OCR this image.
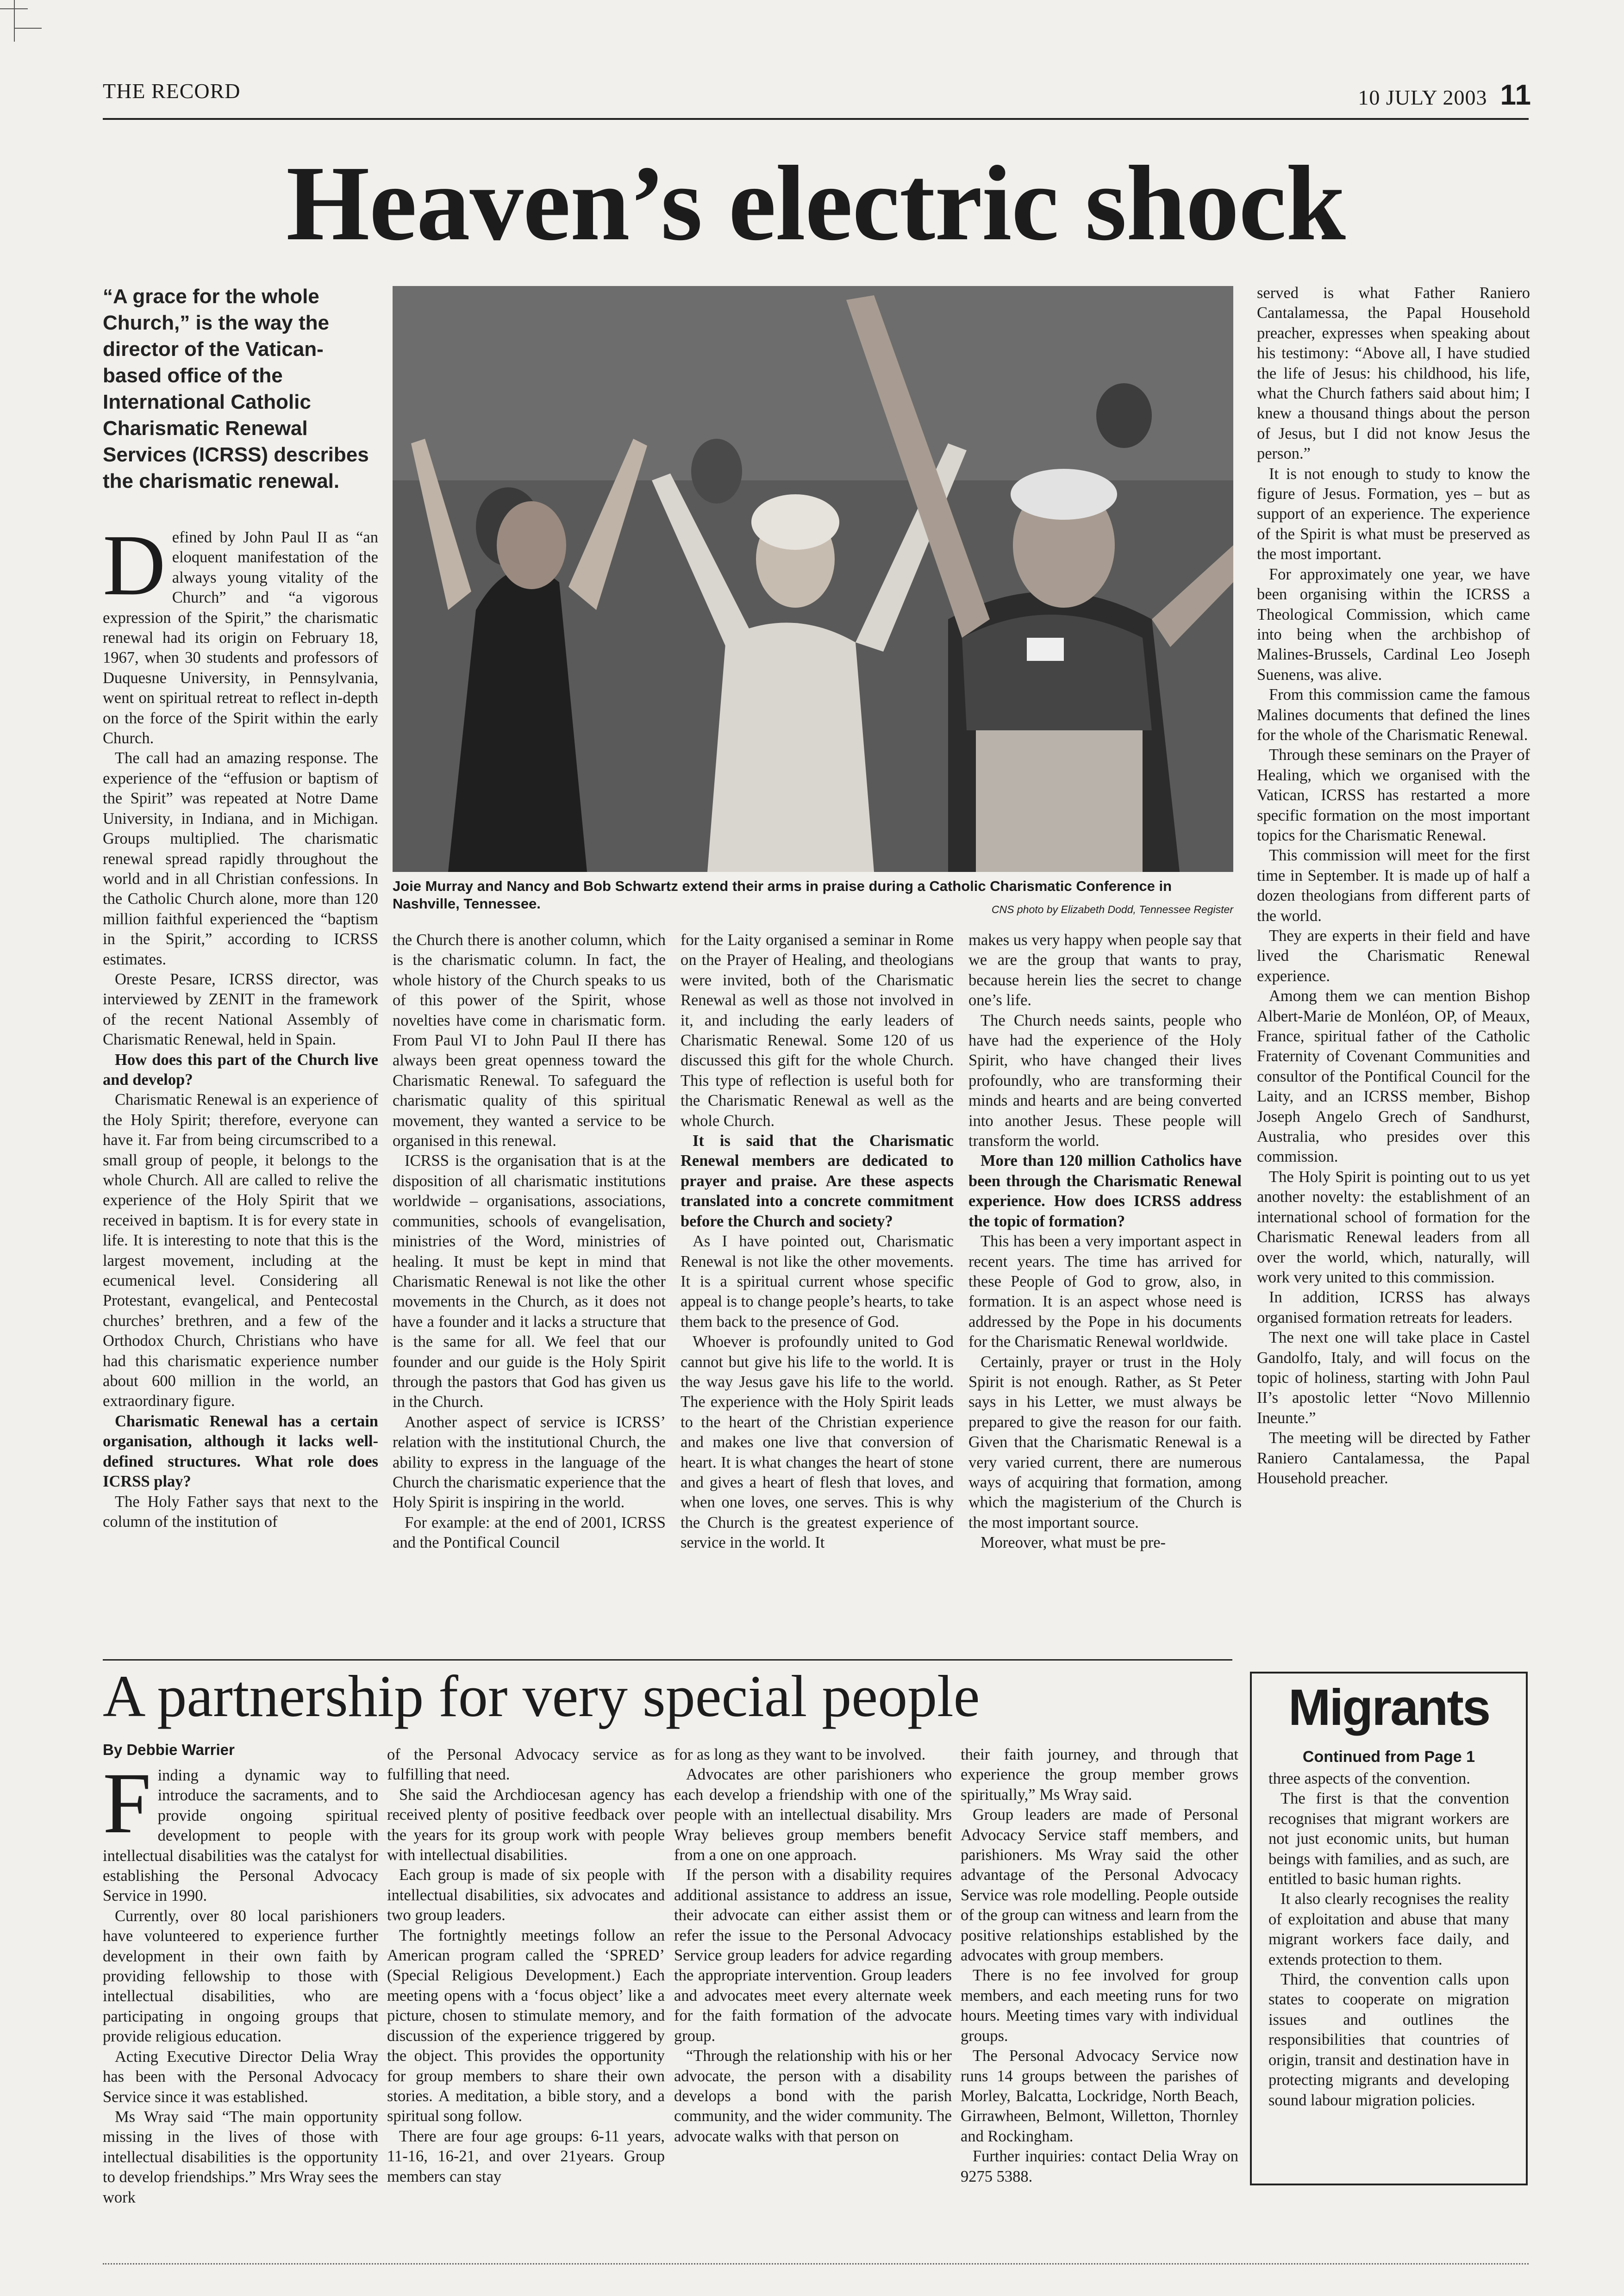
THE RECORD	10 JULY 2003 11
Heaven’s electric shock
“A grace for the whole Church,” is the way the director of the Vatican-based office of the International Catholic Charismatic Renewal Services (ICRSS) describes the charismatic renewal.

Defined by John Paul II as “an eloquent manifestation of the always young vitality of the Church” and “a vigorous expression of the Spirit,” the charismatic renewal had its origin on February 18, 1967, when 30 students and professors of Duquesne University, in Pennsylvania, went on spiritual retreat to reflect in-depth on the force of the Spirit within the early Church.

The call had an amazing response. The experience of the “effusion or baptism of the Spirit” was repeated at Notre Dame University, in Indiana, and in Michigan. Groups multiplied. The charismatic renewal spread rapidly throughout the world and in all Christian confessions. In the Catholic Church alone, more than 120 million faithful experienced the “baptism in the Spirit,” according to ICRSS estimates.

Oreste Pesare, ICRSS director, was interviewed by ZENIT in the framework of the recent National Assembly of Charismatic Renewal, held in Spain.

How does this part of the Church live and develop?

Charismatic Renewal is an experience of the Holy Spirit; therefore, everyone can have it. Far from being circumscribed to a small group of people, it belongs to the whole Church. All are called to relive the experience of the Holy Spirit that we received in baptism. It is for every state in life. It is interesting to note that this is the largest movement, including at the ecumenical level. Considering all Protestant, evangelical, and Pentecostal churches’ brethren, and a few of the Orthodox Church, Christians who have had this charismatic experience number about 600 million in the world, an extraordinary figure.

Charismatic Renewal has a certain organisation, although it lacks well-defined structures. What role does ICRSS play?

The Holy Father says that next to the column of the institution of

Joie Murray and Nancy and Bob Schwartz extend their arms in praise during a Catholic Charismatic Conference in Nashville, Tennessee.	CNS photo by Elizabeth Dodd, Tennessee Register

the Church there is another column, which is the charismatic column. In fact, the whole history of the Church speaks to us of this power of the Spirit, whose novelties have come in charismatic form. From Paul VI to John Paul II there has always been great openness toward the Charismatic Renewal. To safeguard the charismatic quality of this spiritual movement, they wanted a service to be organised in this renewal.

ICRSS is the organisation that is at the disposition of all charismatic institutions worldwide – organisations, associations, communities, schools of evangelisation, ministries of the Word, ministries of healing. It must be kept in mind that Charismatic Renewal is not like the other movements in the Church, as it does not have a founder and it lacks a structure that is the same for all. We feel that our founder and our guide is the Holy Spirit through the pastors that God has given us in the Church.

Another aspect of service is ICRSS’ relation with the institutional Church, the ability to express in the language of the Church the charismatic experience that the Holy Spirit is inspiring in the world.

For example: at the end of 2001, ICRSS and the Pontifical Council

for the Laity organised a seminar in Rome on the Prayer of Healing, and theologians were invited, both of the Charismatic Renewal as well as those not involved in it, and including the early leaders of Charismatic Renewal. Some 120 of us discussed this gift for the whole Church. This type of reflection is useful both for the Charismatic Renewal as well as the whole Church.

It is said that the Charismatic Renewal members are dedicated to prayer and praise. Are these aspects translated into a concrete commitment before the Church and society?

As I have pointed out, Charismatic Renewal is not like the other movements. It is a spiritual current whose specific appeal is to change people’s hearts, to take them back to the presence of God.

Whoever is profoundly united to God cannot but give his life to the world. It is the way Jesus gave his life to the world. The experience with the Holy Spirit leads to the heart of the Christian experience and makes one live that conversion of heart. It is what changes the heart of stone and gives a heart of flesh that loves, and when one loves, one serves. This is why the Church is the greatest experience of service in the world. It

makes us very happy when people say that we are the group that wants to pray, because herein lies the secret to change one’s life.

The Church needs saints, people who have had the experience of the Holy Spirit, who have changed their lives profoundly, who are transforming their minds and hearts and are being converted into another Jesus. These people will transform the world.

More than 120 million Catholics have been through the Charismatic Renewal experience. How does ICRSS address the topic of formation?

This has been a very important aspect in recent years. The time has arrived for these People of God to grow, also, in formation. It is an aspect whose need is addressed by the Pope in his documents for the Charismatic Renewal worldwide.

Certainly, prayer or trust in the Holy Spirit is not enough. Rather, as St Peter says in his Letter, we must always be prepared to give the reason for our faith. Given that the Charismatic Renewal is a very varied current, there are numerous ways of acquiring that formation, among which the magisterium of the Church is the most important source.

Moreover, what must be pre-

served is what Father Raniero Cantalamessa, the Papal Household preacher, expresses when speaking about his testimony: “Above all, I have studied the life of Jesus: his childhood, his life, what the Church fathers said about him; I knew a thousand things about the person of Jesus, but I did not know Jesus the person.”

It is not enough to study to know the figure of Jesus. Formation, yes – but as support of an experience. The experience of the Spirit is what must be preserved as the most important.

For approximately one year, we have been organising within the ICRSS a Theological Commission, which came into being when the archbishop of Malines-Brussels, Cardinal Leo Joseph Suenens, was alive.

From this commission came the famous Malines documents that defined the lines for the whole of the Charismatic Renewal.

Through these seminars on the Prayer of Healing, which we organised with the Vatican, ICRSS has restarted a more specific formation on the most important topics for the Charismatic Renewal.

This commission will meet for the first time in September. It is made up of half a dozen theologians from different parts of the world.

They are experts in their field and have lived the Charismatic Renewal experience.

Among them we can mention Bishop Albert-Marie de Monléon, OP, of Meaux, France, spiritual father of the Catholic Fraternity of Covenant Communities and consultor of the Pontifical Council for the Laity, and an ICRSS member, Bishop Joseph Angelo Grech of Sandhurst, Australia, who presides over this commission.

The Holy Spirit is pointing out to us yet another novelty: the establishment of an international school of formation for the Charismatic Renewal leaders from all over the world, which, naturally, will work very united to this commission.

In addition, ICRSS has always organised formation retreats for leaders.

The next one will take place in Castel Gandolfo, Italy, and will focus on the topic of holiness, starting with John Paul II’s apostolic letter “Novo Millennio Ineunte.”

The meeting will be directed by Father Raniero Cantalamessa, the Papal Household preacher.

A partnership for very special people
By Debbie Warrier

Finding a dynamic way to introduce the sacraments, and to provide ongoing spiritual development to people with intellectual disabilities was the catalyst for establishing the Personal Advocacy Service in 1990.

Currently, over 80 local parishioners have volunteered to experience further development in their own faith by providing fellowship to those with intellectual disabilities, who are participating in ongoing groups that provide religious education.

Acting Executive Director Delia Wray has been with the Personal Advocacy Service since it was established.

Ms Wray said “The main opportunity missing in the lives of those with intellectual disabilities is the opportunity to develop friendships.” Mrs Wray sees the work

of the Personal Advocacy service as fulfilling that need.

She said the Archdiocesan agency has received plenty of positive feedback over the years for its group work with people with intellectual disabilities.

Each group is made of six people with intellectual disabilities, six advocates and two group leaders.

The fortnightly meetings follow an American program called the ‘SPRED’ (Special Religious Development.) Each meeting opens with a ‘focus object’ like a picture, chosen to stimulate memory, and discussion of the experience triggered by the object. This provides the opportunity for group members to share their own stories. A meditation, a bible story, and a spiritual song follow.

There are four age groups: 6-11 years, 11-16, 16-21, and over 21years. Group members can stay

for as long as they want to be involved.

Advocates are other parishioners who each develop a friendship with one of the people with an intellectual disability. Mrs Wray believes group members benefit from a one on one approach.

If the person with a disability requires additional assistance to address an issue, their advocate can either assist them or refer the issue to the Personal Advocacy Service group leaders for advice regarding the appropriate intervention. Group leaders and advocates meet every alternate week for the faith formation of the advocate group.

“Through the relationship with his or her advocate, the person with a disability develops a bond with the parish community, and the wider community. The advocate walks with that person on

their faith journey, and through that experience the group member grows spiritually,” Ms Wray said.

Group leaders are made of Personal Advocacy Service staff members, and parishioners. Ms Wray said the other advantage of the Personal Advocacy Service was role modelling. People outside of the group can witness and learn from the positive relationships established by the advocates with group members.

There is no fee involved for group members, and each meeting runs for two hours. Meeting times vary with individual groups.

The Personal Advocacy Service now runs 14 groups between the parishes of Morley, Balcatta, Lockridge, North Beach, Girrawheen, Belmont, Willetton, Thornley and Rockingham.

Further inquiries: contact Delia Wray on 9275 5388.

Migrants
Continued from Page 1

three aspects of the convention.

The first is that the convention recognises that migrant workers are not just economic units, but human beings with families, and as such, are entitled to basic human rights.

It also clearly recognises the reality of exploitation and abuse that many migrant workers face daily, and extends protection to them.

Third, the convention calls upon states to cooperate on migration issues and outlines the responsibilities that countries of origin, transit and destination have in protecting migrants and developing sound labour migration policies.
